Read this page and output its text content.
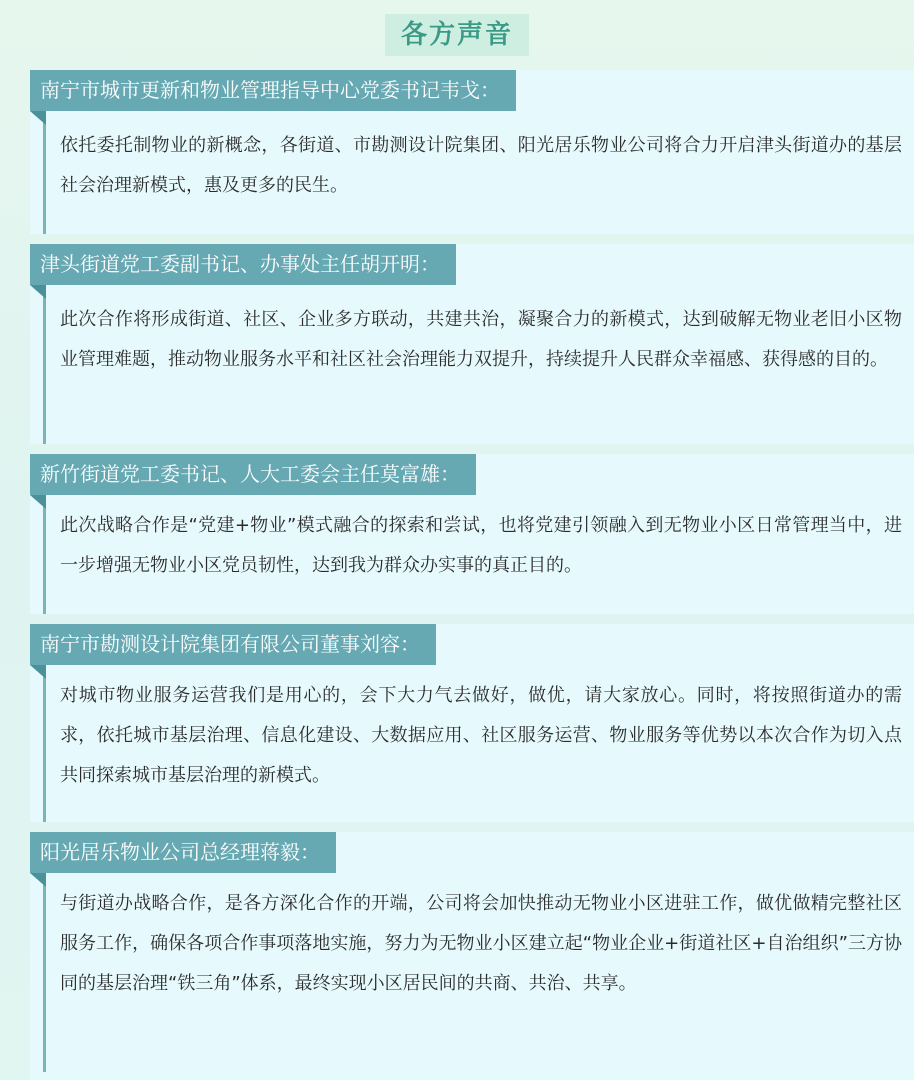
各方声音
南宁市城市更新和物业管理指导中心党委书记韦戈：
依托委托制物业的新概念，各街道、市勘测设计院集团、阳光居乐物业公司将合力开启津头街道办的基层社会治理新模式，惠及更多的民生。
津头街道党工委副书记、办事处主任胡开明：
此次合作将形成街道、社区、企业多方联动，共建共治，凝聚合力的新模式，达到破解无物业老旧小区物业管理难题，推动物业服务水平和社区社会治理能力双提升，持续提升人民群众幸福感、获得感的目的。
新竹街道党工委书记、人大工委会主任莫富雄：
此次战略合作是“党建+物业”模式融合的探索和尝试，也将党建引领融入到无物业小区日常管理当中，进一步增强无物业小区党员韧性，达到我为群众办实事的真正目的。
南宁市勘测设计院集团有限公司董事刘容：
对城市物业服务运营我们是用心的，会下大力气去做好，做优，请大家放心。同时，将按照街道办的需求，依托城市基层治理、信息化建设、大数据应用、社区服务运营、物业服务等优势以本次合作为切入点共同探索城市基层治理的新模式。
阳光居乐物业公司总经理蒋毅：
与街道办战略合作，是各方深化合作的开端，公司将会加快推动无物业小区进驻工作，做优做精完整社区服务工作，确保各项合作事项落地实施，努力为无物业小区建立起“物业企业+街道社区+自治组织”三方协同的基层治理“铁三角”体系，最终实现小区居民间的共商、共治、共享。
